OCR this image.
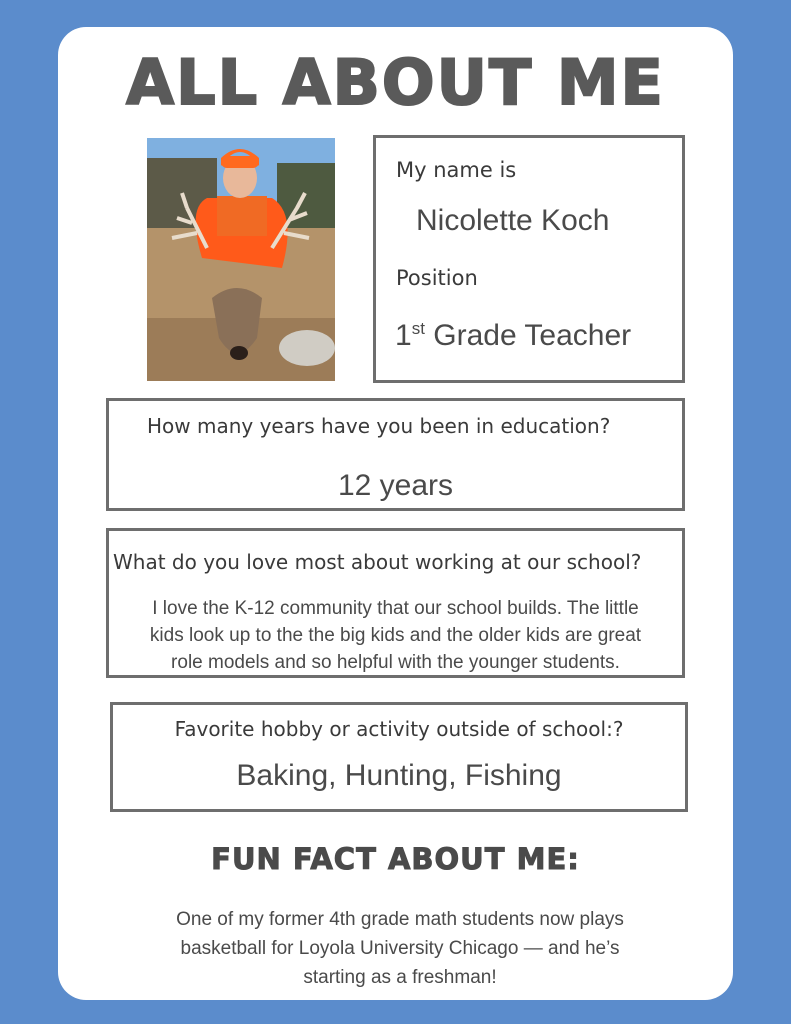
ALL ABOUT ME

My name is

Nicolette Koch

Position

1st Grade Teacher

How many years have you been in education?

12 years

What do you love most about working at our school?

I love the K-12 community that our school builds. The little

kids look up to the the big kids and the older kids are great

role models and so helpful with the younger students.

Favorite hobby or activity outside of school:?

Baking, Hunting, Fishing

FUN FACT ABOUT ME:
One of my former 4th grade math students now plays
basketball for Loyola University Chicago — and he’s
starting as a freshman!
